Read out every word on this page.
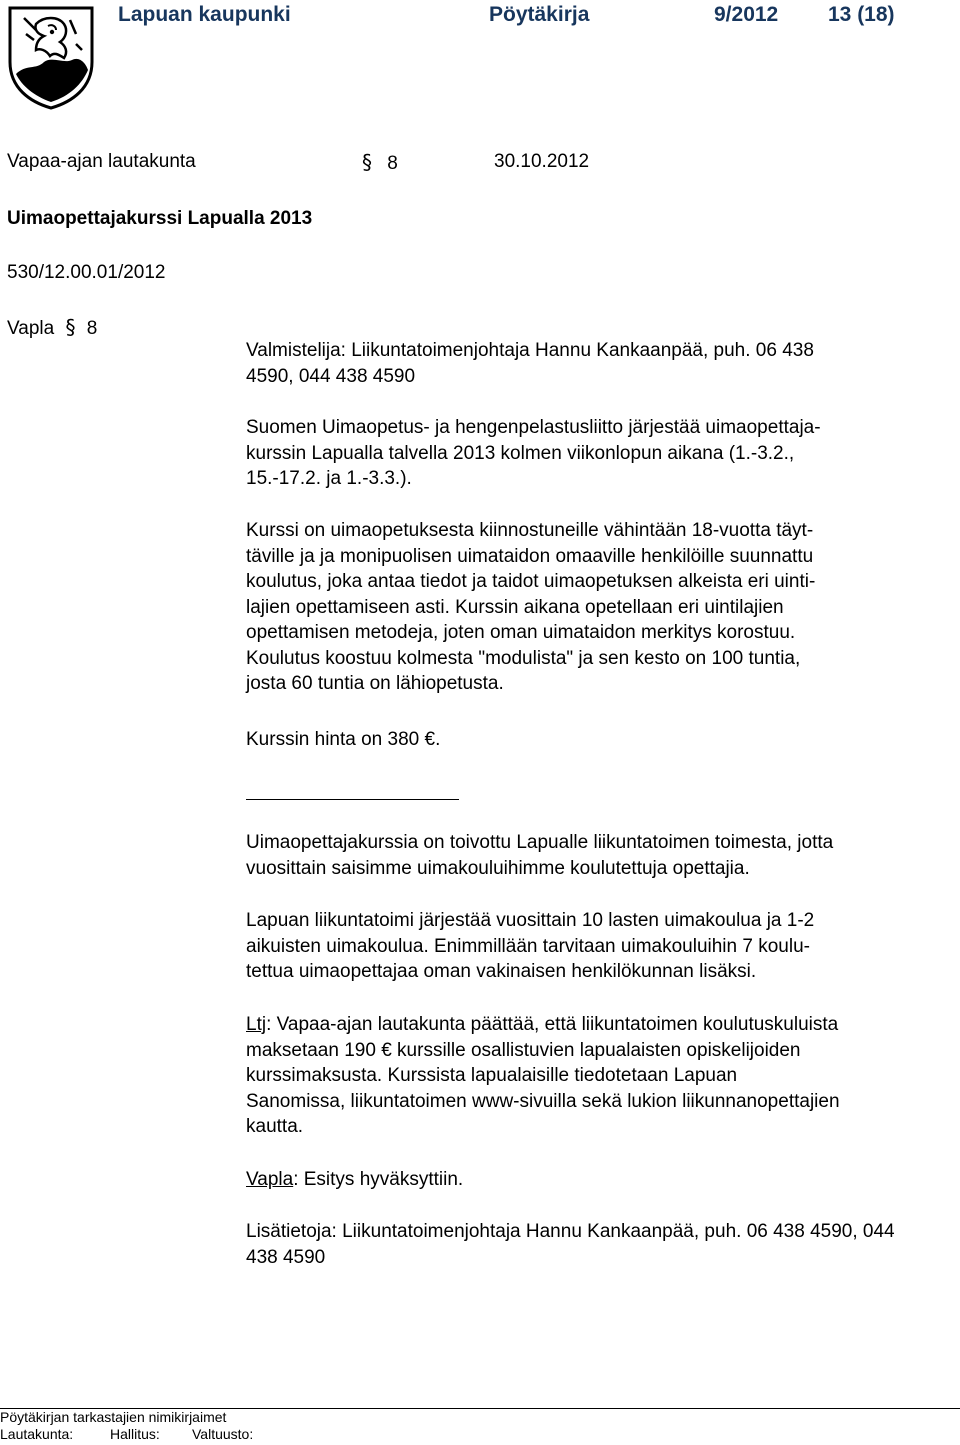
Lapuan kaupunki	Pöytäkirja	9/2012 13 (18)
Vapaa-ajan lautakunta	§ 8	30.10.2012
Uimaopettajakurssi Lapualla 2013
530/12.00.01/2012
Vapla § 8
Valmistelija: Liikuntatoimenjohtaja Hannu Kankaanpää, puh. 06 438
4590, 044 438 4590
Suomen Uimaopetus- ja hengenpelastusliitto järjestää uimaopettaja-
kurssin Lapualla talvella 2013 kolmen viikonlopun aikana (1.-3.2.,
15.-17.2. ja 1.-3.3.).
Kurssi on uimaopetuksesta kiinnostuneille vähintään 18-vuotta täyt-
täville ja ja monipuolisen uimataidon omaaville henkilöille suunnattu
koulutus, joka antaa tiedot ja taidot uimaopetuksen alkeista eri uinti-
lajien opettamiseen asti. Kurssin aikana opetellaan eri uintilajien
opettamisen metodeja, joten oman uimataidon merkitys korostuu.
Koulutus koostuu kolmesta "modulista" ja sen kesto on 100 tuntia,
josta 60 tuntia on lähiopetusta.
Kurssin hinta on 380 €.
Uimaopettajakurssia on toivottu Lapualle liikuntatoimen toimesta, jotta
vuosittain saisimme uimakouluihimme koulutettuja opettajia.
Lapuan liikuntatoimi järjestää vuosittain 10 lasten uimakoulua ja 1-2
aikuisten uimakoulua. Enimmillään tarvitaan uimakouluihin 7 koulu-
tettua uimaopettajaa oman vakinaisen henkilökunnan lisäksi.
Ltj: Vapaa-ajan lautakunta päättää, että liikuntatoimen koulutuskuluista
maksetaan 190 € kurssille osallistuvien lapualaisten opiskelijoiden
kurssimaksusta. Kurssista lapualaisille tiedotetaan Lapuan
Sanomissa, liikuntatoimen www-sivuilla sekä lukion liikunnanopettajien
kautta.
Vapla: Esitys hyväksyttiin.
Lisätietoja: Liikuntatoimenjohtaja Hannu Kankaanpää, puh. 06 438 4590, 044
438 4590
Pöytäkirjan tarkastajien nimikirjaimet
Lautakunta:	Hallitus: Valtuusto:
